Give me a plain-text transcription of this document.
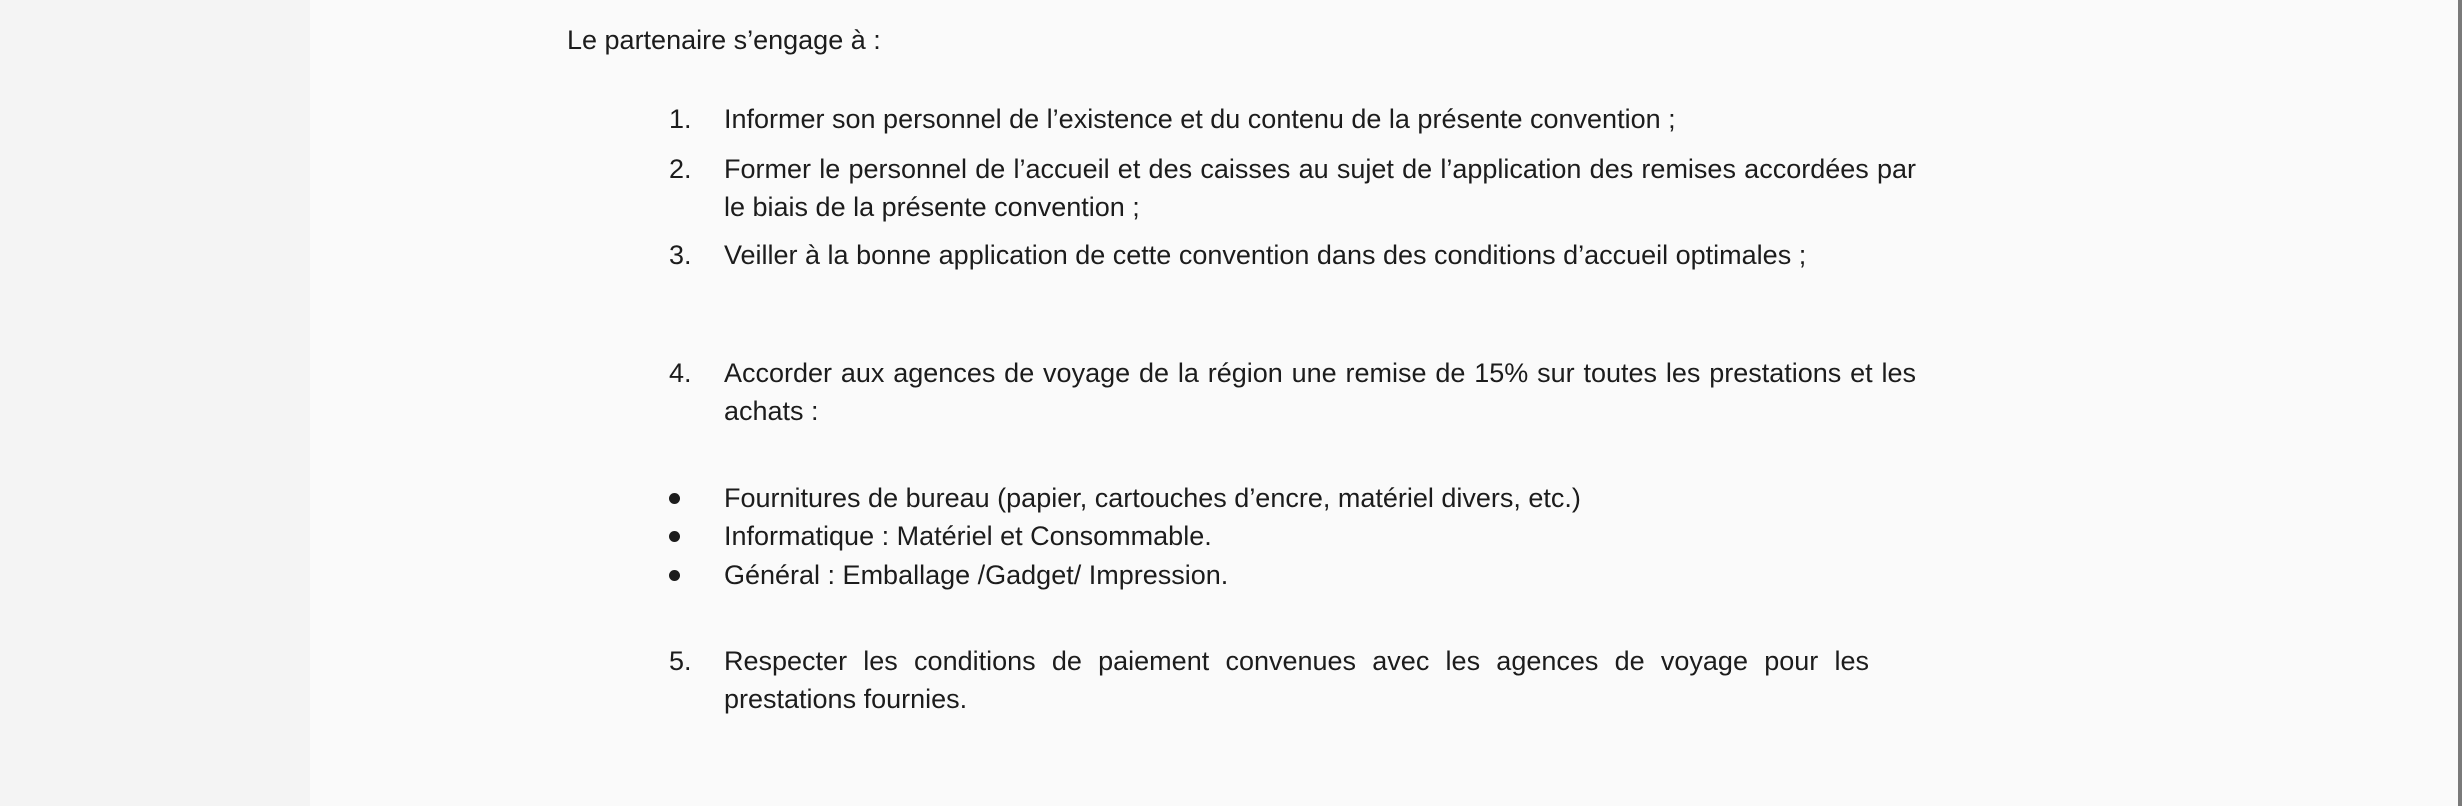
Le partenaire s’engage à :
1.	Informer son personnel de l’existence et du contenu de la présente convention ;
2.	Former le personnel de l’accueil et des caisses au sujet de l’application des remises accordées par le biais de la présente convention ;
3.	Veiller à la bonne application de cette convention dans des conditions d’accueil optimales ;
4.	Accorder aux agences de voyage de la région une remise de 15% sur toutes les prestations et les achats :
Fournitures de bureau (papier, cartouches d’encre, matériel divers, etc.)
Informatique : Matériel et Consommable.
Général : Emballage /Gadget/ Impression.
5.	Respecter les conditions de paiement convenues avec les agences de voyage pour les prestations fournies.
